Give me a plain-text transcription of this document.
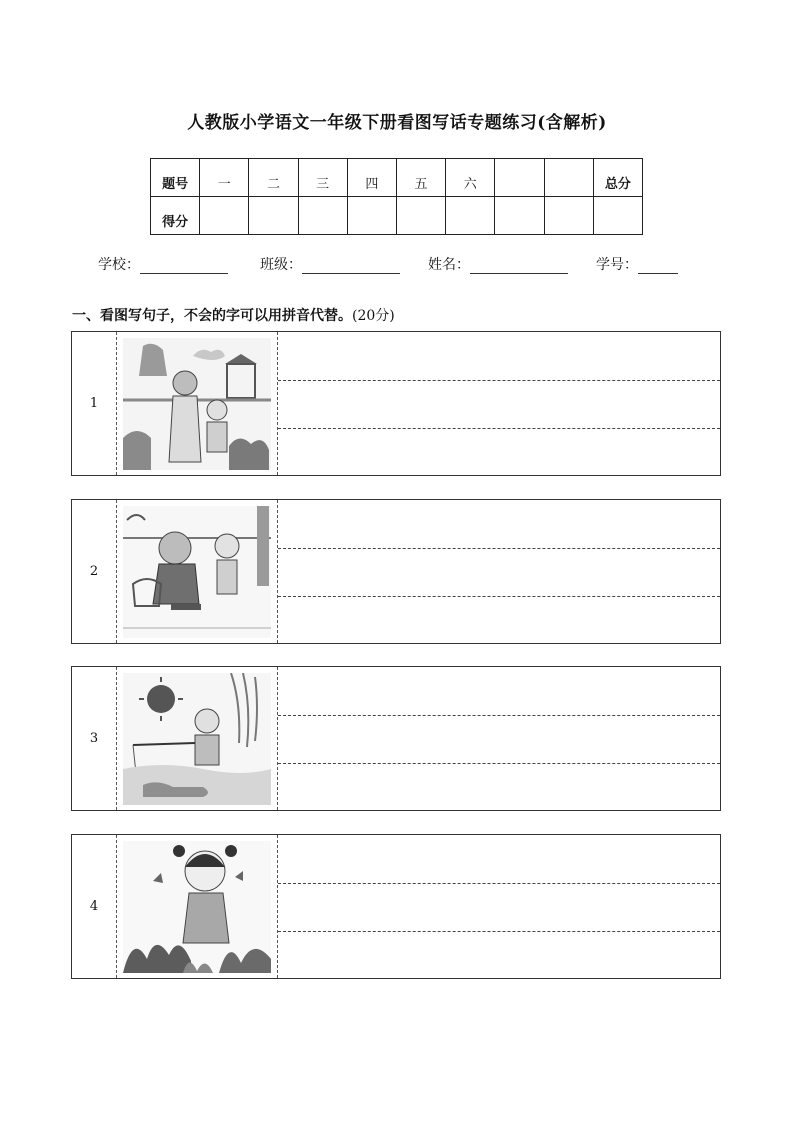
人教版小学语文一年级下册看图写话专题练习(含解析)
题号	一	二	三	四	五	六			总分
得分									
学校：	班级：	姓名：	学号：
一、看图写句子，不会的字可以用拼音代替。(20分)
1
2
3
4
